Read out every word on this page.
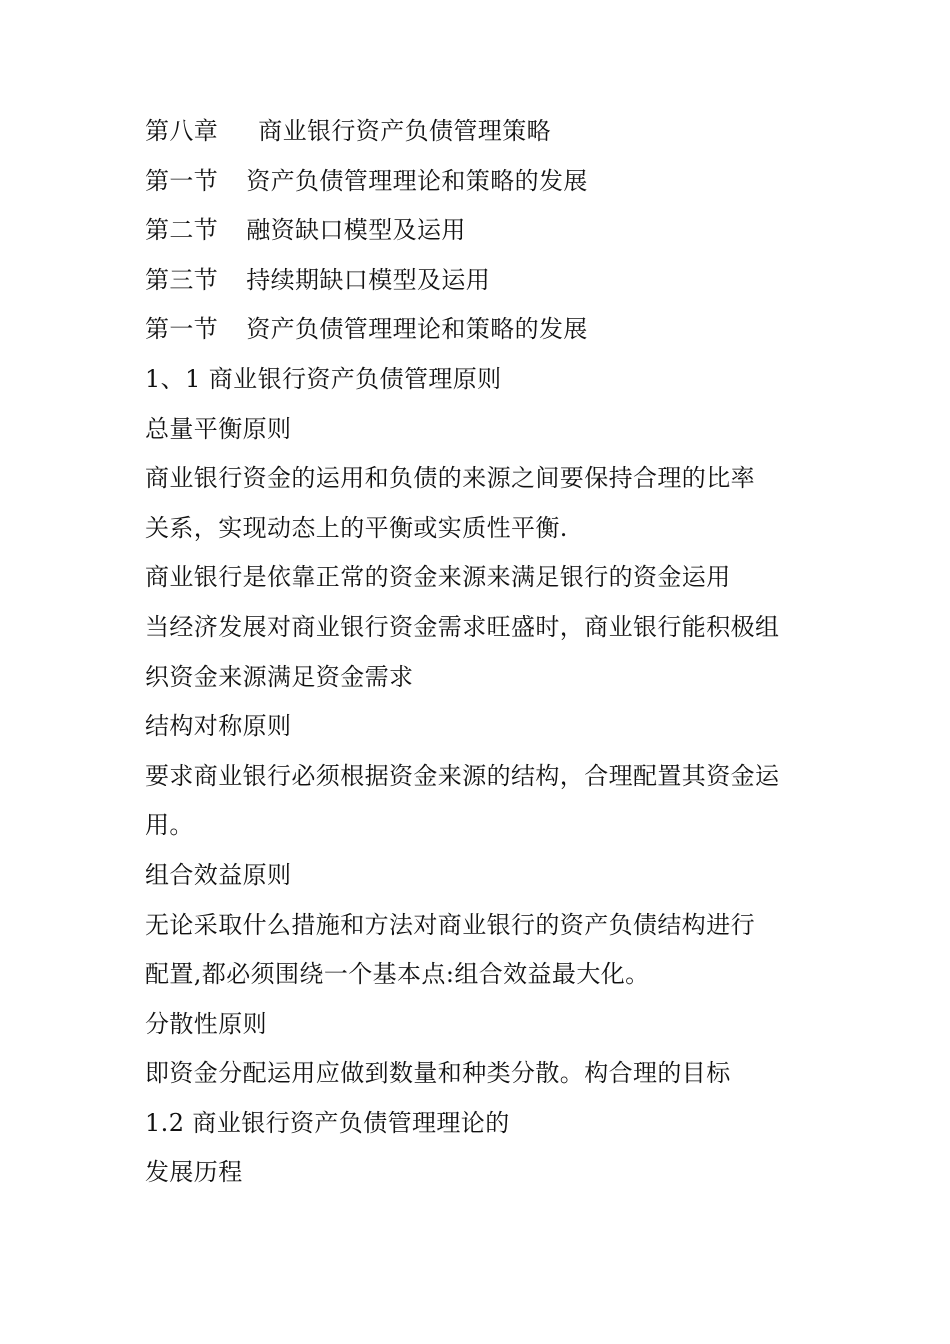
第八章 商业银行资产负债管理策略
第一节 资产负债管理理论和策略的发展
第二节 融资缺口模型及运用
第三节 持续期缺口模型及运用
第一节 资产负债管理理论和策略的发展
1、1 商业银行资产负债管理原则
总量平衡原则
商业银行资金的运用和负债的来源之间要保持合理的比率
关系，实现动态上的平衡或实质性平衡.
商业银行是依靠正常的资金来源来满足银行的资金运用
当经济发展对商业银行资金需求旺盛时，商业银行能积极组
织资金来源满足资金需求
结构对称原则
要求商业银行必须根据资金来源的结构，合理配置其资金运
用。
组合效益原则
无论采取什么措施和方法对商业银行的资产负债结构进行
配置,都必须围绕一个基本点:组合效益最大化。
分散性原则
即资金分配运用应做到数量和种类分散。构合理的目标
1.2 商业银行资产负债管理理论的
发展历程
